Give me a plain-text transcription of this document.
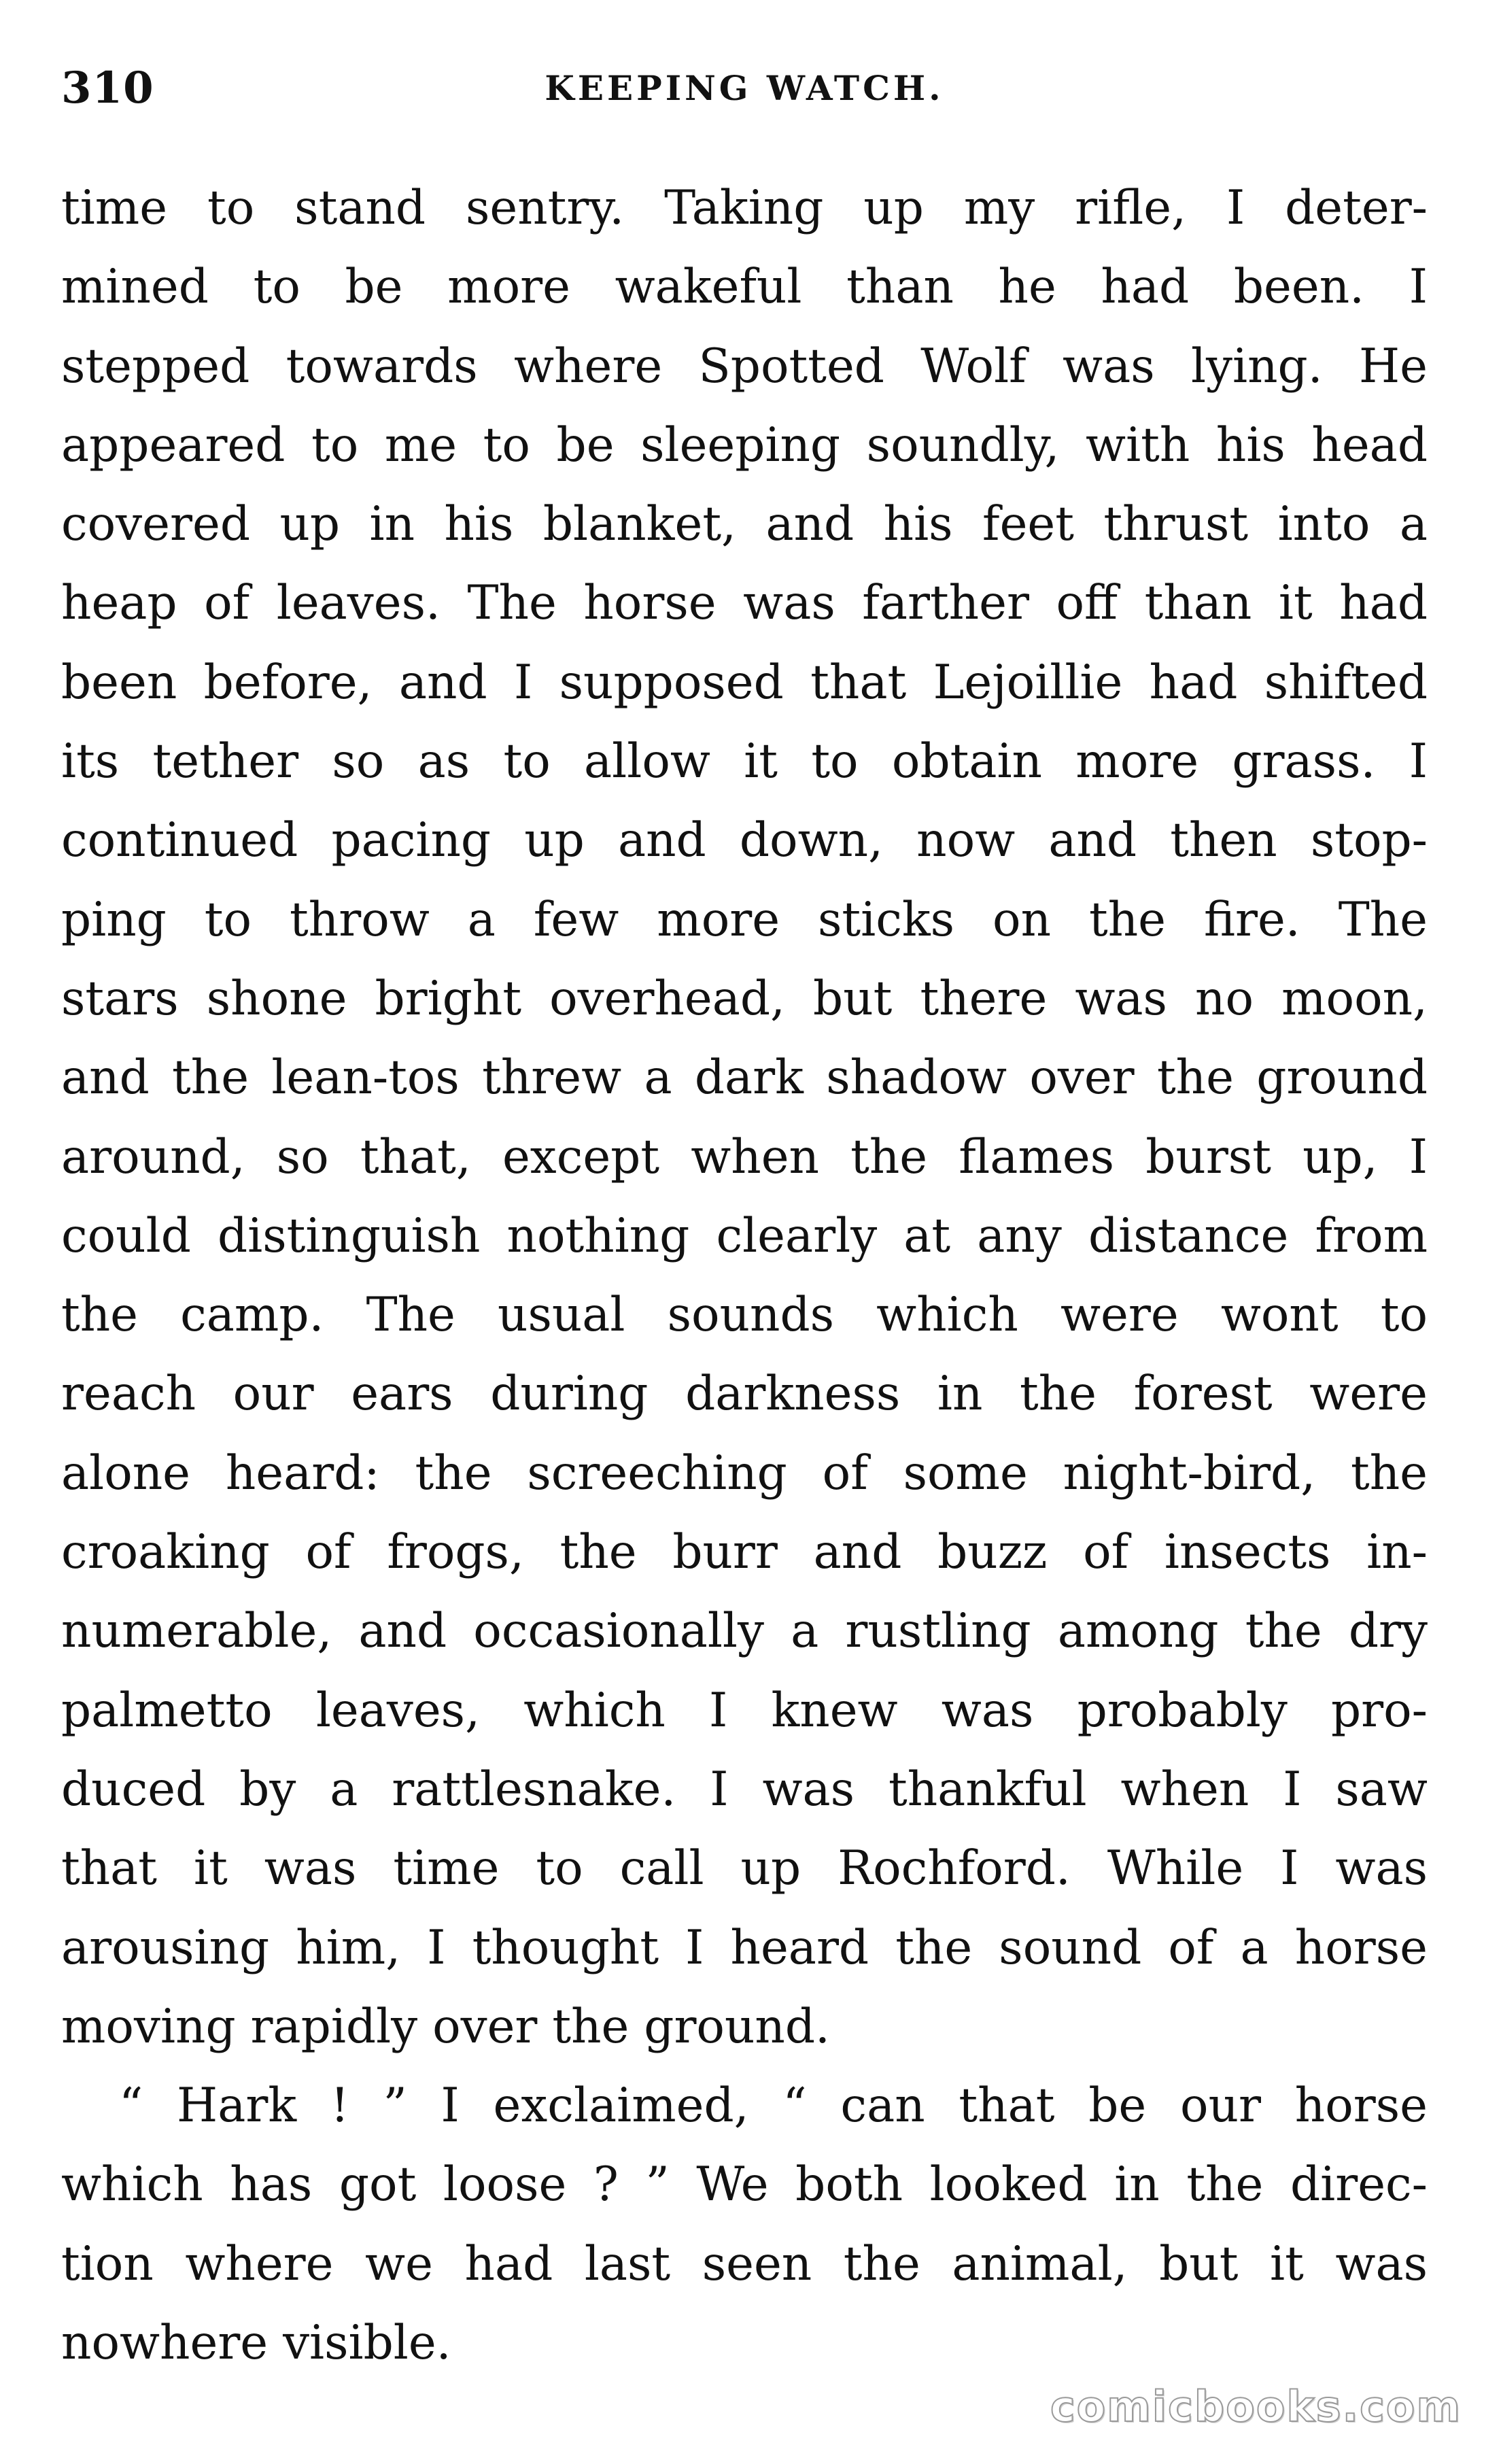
310	KEEPING WATCH.
time to stand sentry. Taking up my rifle, I deter-
mined to be more wakeful than he had been. I
stepped towards where Spotted Wolf was lying. He
appeared to me to be sleeping soundly, with his head
covered up in his blanket, and his feet thrust into a
heap of leaves. The horse was farther off than it had
been before, and I supposed that Lejoillie had shifted
its tether so as to allow it to obtain more grass. I
continued pacing up and down, now and then stop-
ping to throw a few more sticks on the fire. The
stars shone bright overhead, but there was no moon,
and the lean-tos threw a dark shadow over the ground
around, so that, except when the flames burst up, I
could distinguish nothing clearly at any distance from
the camp. The usual sounds which were wont to
reach our ears during darkness in the forest were
alone heard: the screeching of some night-bird, the
croaking of frogs, the burr and buzz of insects in-
numerable, and occasionally a rustling among the dry
palmetto leaves, which I knew was probably pro-
duced by a rattlesnake. I was thankful when I saw
that it was time to call up Rochford. While I was
arousing him, I thought I heard the sound of a horse
moving rapidly over the ground.
“ Hark ! ” I exclaimed, “ can that be our horse
which has got loose ? ” We both looked in the direc-
tion where we had last seen the animal, but it was
nowhere visible.
comicbooks.com
